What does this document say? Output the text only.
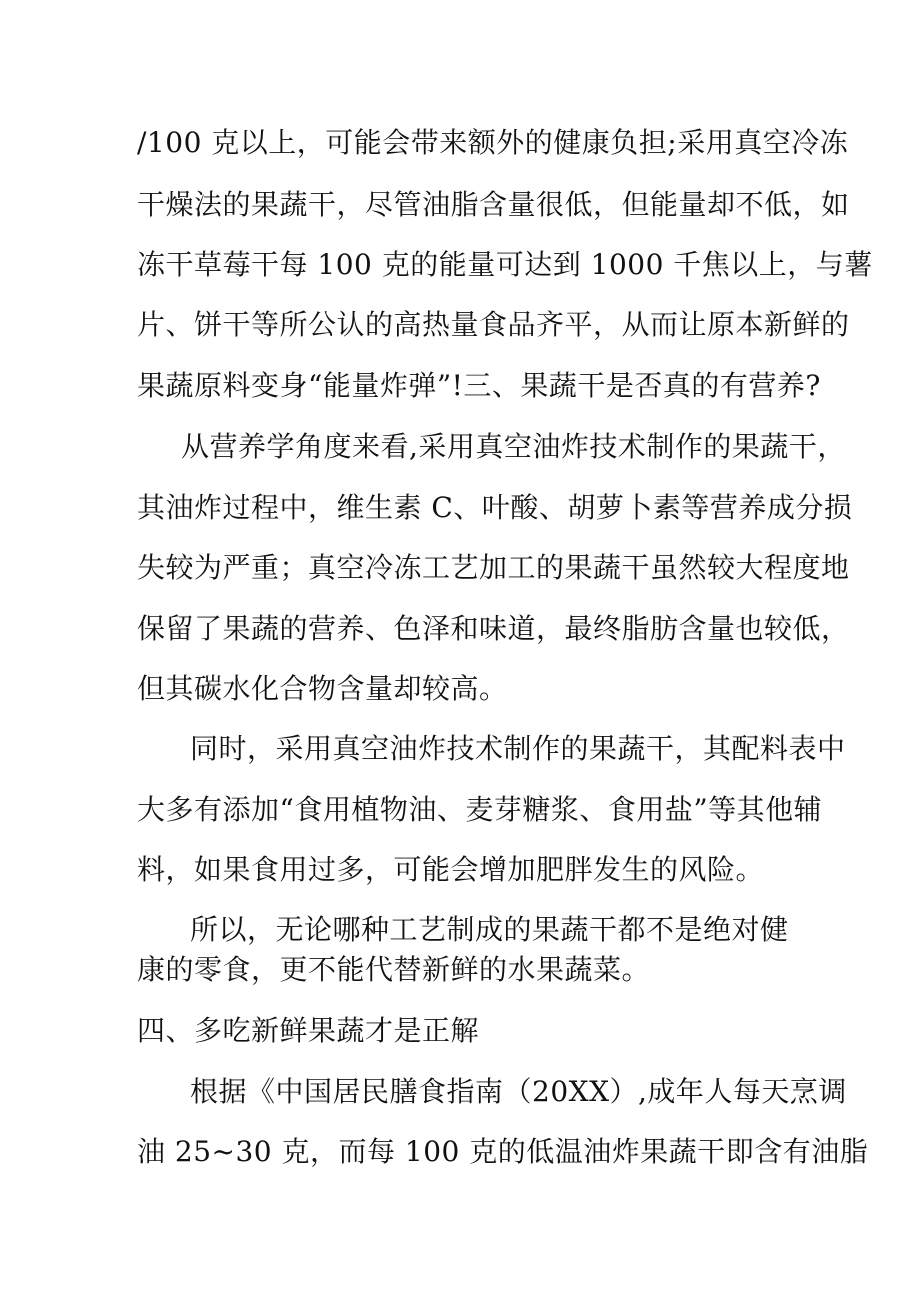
/100 克以上，可能会带来额外的健康负担;采用真空冷冻

干燥法的果蔬干，尽管油脂含量很低，但能量却不低，如

冻干草莓干每 100 克的能量可达到 1000 千焦以上，与薯

片、饼干等所公认的高热量食品齐平，从而让原本新鲜的

果蔬原料变身“能量炸弹”!三、果蔬干是否真的有营养?

从营养学角度来看,采用真空油炸技术制作的果蔬干，

其油炸过程中，维生素 C、叶酸、胡萝卜素等营养成分损

失较为严重；真空冷冻工艺加工的果蔬干虽然较大程度地

保留了果蔬的营养、色泽和味道，最终脂肪含量也较低，

但其碳水化合物含量却较高。

同时，采用真空油炸技术制作的果蔬干，其配料表中

大多有添加“食用植物油、麦芽糖浆、食用盐”等其他辅

料，如果食用过多，可能会增加肥胖发生的风险。

所以，无论哪种工艺制成的果蔬干都不是绝对健

康的零食，更不能代替新鲜的水果蔬菜。

四、多吃新鲜果蔬才是正解

根据《中国居民膳食指南（20XX）,成年人每天烹调

油 25~30 克，而每 100 克的低温油炸果蔬干即含有油脂
